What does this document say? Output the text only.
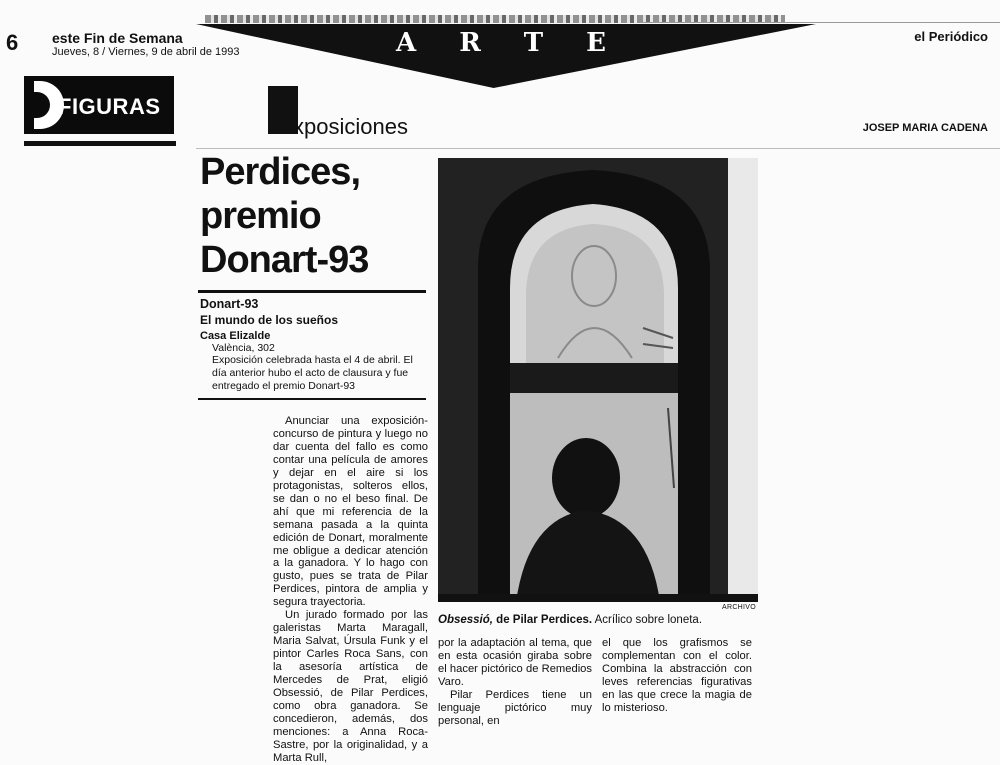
6 este Fin de Semana
Jueves, 8 / Viernes, 9 de abril de 1993
el Periódico
A R T E
FIGURAS
xposiciones	JOSEP MARIA CADENA
Perdices,
premio
Donart-93
Donart-93
El mundo de los sueños
Casa Elizalde
València, 302
Exposición celebrada hasta el 4 de abril. El día anterior hubo el acto de clausura y fue entregado el premio Donart-93

Anunciar una exposición-concurso de pintura y luego no dar cuenta del fallo es como contar una película de amores y dejar en el aire si los protagonistas, solteros ellos, se dan o no el beso final. De ahí que mi referencia de la semana pasada a la quinta edición de Donart, moralmente me obligue a dedicar atención a la ganadora. Y lo hago con gusto, pues se trata de Pilar Perdices, pintora de amplia y segura trayectoria.

Un jurado formado por las galeristas Marta Maragall, Maria Salvat, Úrsula Funk y el pintor Carles Roca Sans, con la asesoría artística de Mercedes de Prat, eligió Obsessió, de Pilar Perdices, como obra ganadora. Se concedieron, además, dos menciones: a Anna Roca-Sastre, por la originalidad, y a Marta Rull,

por la adaptación al tema, que en esta ocasión giraba sobre el hacer pictórico de Remedios Varo.

Pilar Perdices tiene un lenguaje pictórico muy personal, en

el que los grafismos se complementan con el color. Combina la abstracción con leves referencias figurativas en las que crece la magia de lo misterioso.

ARCHIVO
Obsessió, de Pilar Perdices. Acrílico sobre loneta.
